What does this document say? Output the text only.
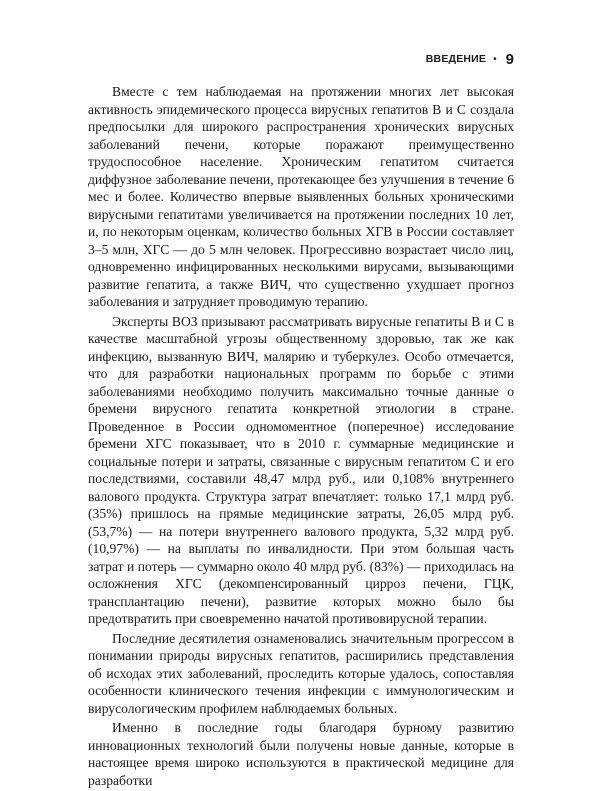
ВВЕДЕНИЕ • 9

Вместе с тем наблюдаемая на протяжении многих лет высокая активность эпидемического процесса вирусных гепатитов В и С создала предпосылки для широкого распространения хронических вирусных заболеваний печени, которые поражают преимущественно трудоспособное население. Хроническим гепатитом считается диффузное заболевание печени, протекающее без улучшения в течение 6 мес и более. Количество впервые выявленных больных хроническими вирусными гепатитами увеличивается на протяжении последних 10 лет, и, по некоторым оценкам, количество больных ХГВ в России составляет 3–5 млн, ХГС — до 5 млн человек. Прогрессивно возрастает число лиц, одновременно инфицированных несколькими вирусами, вызывающими развитие гепатита, а также ВИЧ, что существенно ухудшает прогноз заболевания и затрудняет проводимую терапию.

Эксперты ВОЗ призывают рассматривать вирусные гепатиты В и С в качестве масштабной угрозы общественному здоровью, так же как инфекцию, вызванную ВИЧ, малярию и туберкулез. Особо отмечается, что для разработки национальных программ по борьбе с этими заболеваниями необходимо получить максимально точные данные о бремени вирусного гепатита конкретной этиологии в стране. Проведенное в России одномоментное (поперечное) исследование бремени ХГС показывает, что в 2010 г. суммарные медицинские и социальные потери и затраты, связанные с вирусным гепатитом С и его последствиями, составили 48,47 млрд руб., или 0,108% внутреннего валового продукта. Структура затрат впечатляет: только 17,1 млрд руб. (35%) пришлось на прямые медицинские затраты, 26,05 млрд руб. (53,7%) — на потери внутреннего валового продукта, 5,32 млрд руб. (10,97%) — на выплаты по инвалидности. При этом большая часть затрат и потерь — суммарно около 40 млрд руб. (83%) — приходилась на осложнения ХГС (декомпенсированный цирроз печени, ГЦК, трансплантацию печени), развитие которых можно было бы предотвратить при своевременно начатой противовирусной терапии.

Последние десятилетия ознаменовались значительным прогрессом в понимании природы вирусных гепатитов, расширились представления об исходах этих заболеваний, проследить которые удалось, сопоставляя особенности клинического течения инфекции с иммунологическим и вирусологическим профилем наблюдаемых больных.

Именно в последние годы благодаря бурному развитию инновационных технологий были получены новые данные, которые в настоящее время широко используются в практической медицине для разработки
